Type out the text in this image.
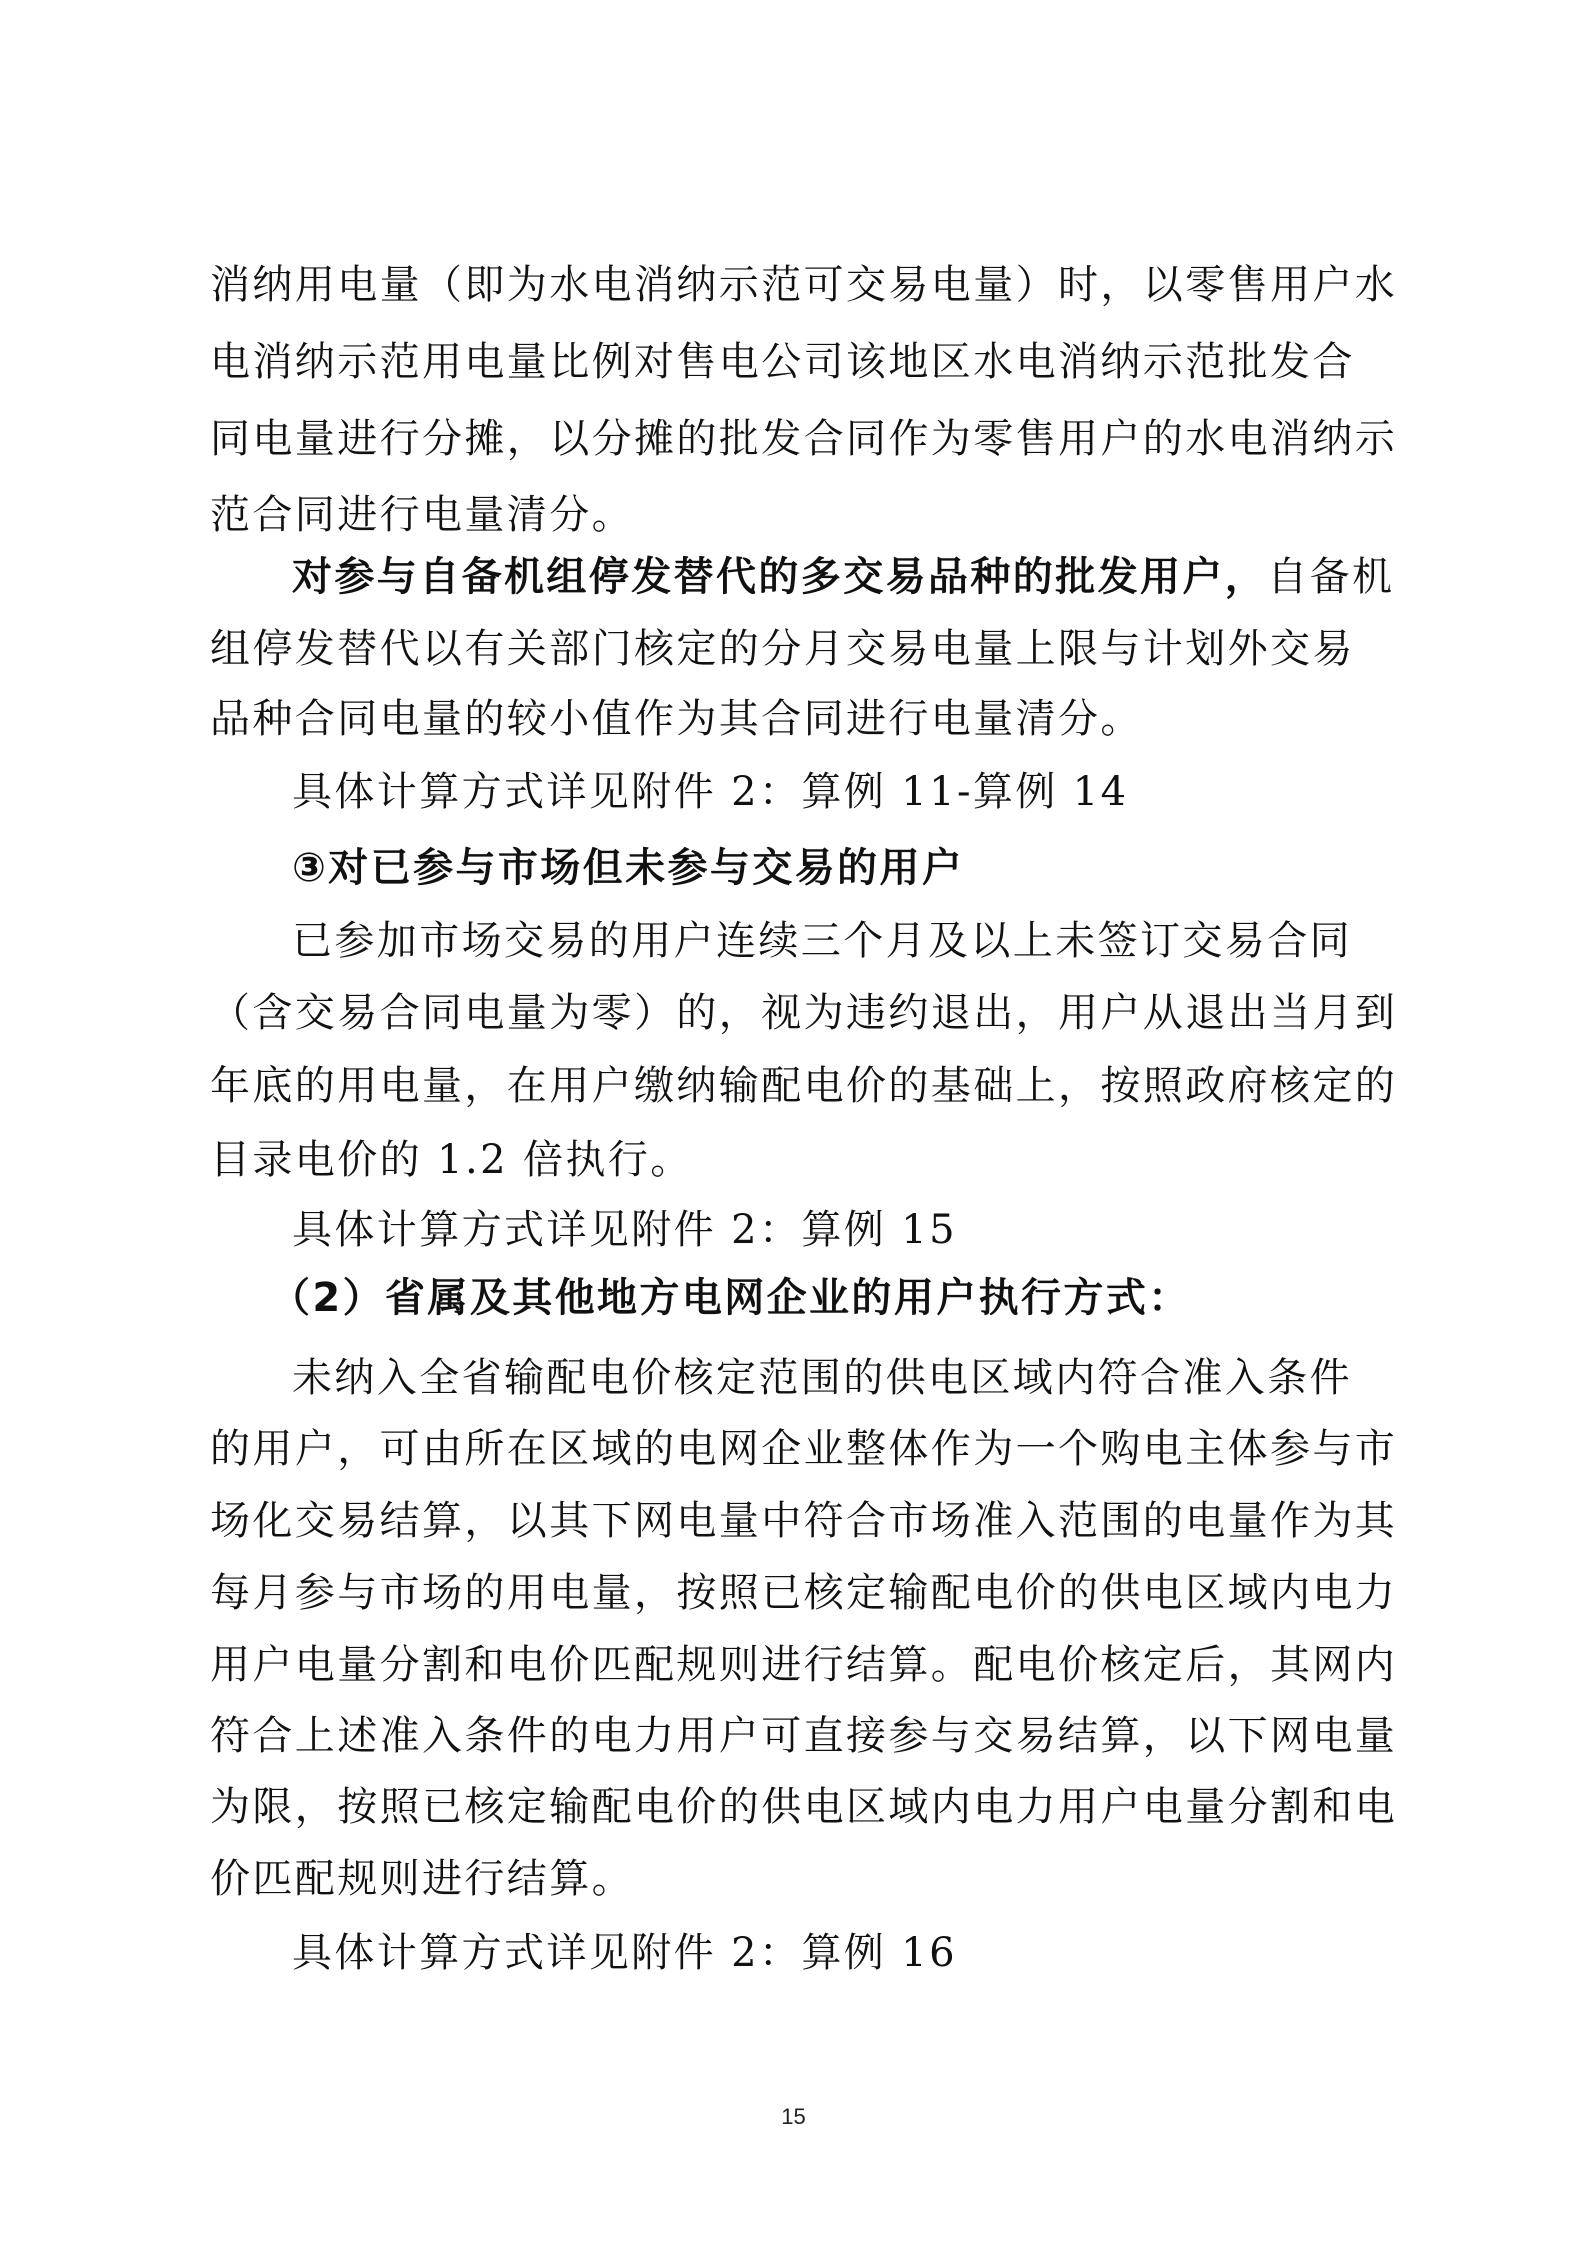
消纳用电量（即为水电消纳示范可交易电量）时，以零售用户水
电消纳示范用电量比例对售电公司该地区水电消纳示范批发合
同电量进行分摊，以分摊的批发合同作为零售用户的水电消纳示
范合同进行电量清分。
对参与自备机组停发替代的多交易品种的批发用户，自备机
组停发替代以有关部门核定的分月交易电量上限与计划外交易
品种合同电量的较小值作为其合同进行电量清分。
具体计算方式详见附件 2：算例 11-算例 14
③对已参与市场但未参与交易的用户
已参加市场交易的用户连续三个月及以上未签订交易合同
（含交易合同电量为零）的，视为违约退出，用户从退出当月到
年底的用电量，在用户缴纳输配电价的基础上，按照政府核定的
目录电价的 1.2 倍执行。
具体计算方式详见附件 2：算例 15
（2）省属及其他地方电网企业的用户执行方式：
未纳入全省输配电价核定范围的供电区域内符合准入条件
的用户，可由所在区域的电网企业整体作为一个购电主体参与市
场化交易结算，以其下网电量中符合市场准入范围的电量作为其
每月参与市场的用电量，按照已核定输配电价的供电区域内电力
用户电量分割和电价匹配规则进行结算。配电价核定后，其网内
符合上述准入条件的电力用户可直接参与交易结算，以下网电量
为限，按照已核定输配电价的供电区域内电力用户电量分割和电
价匹配规则进行结算。
具体计算方式详见附件 2：算例 16
15
